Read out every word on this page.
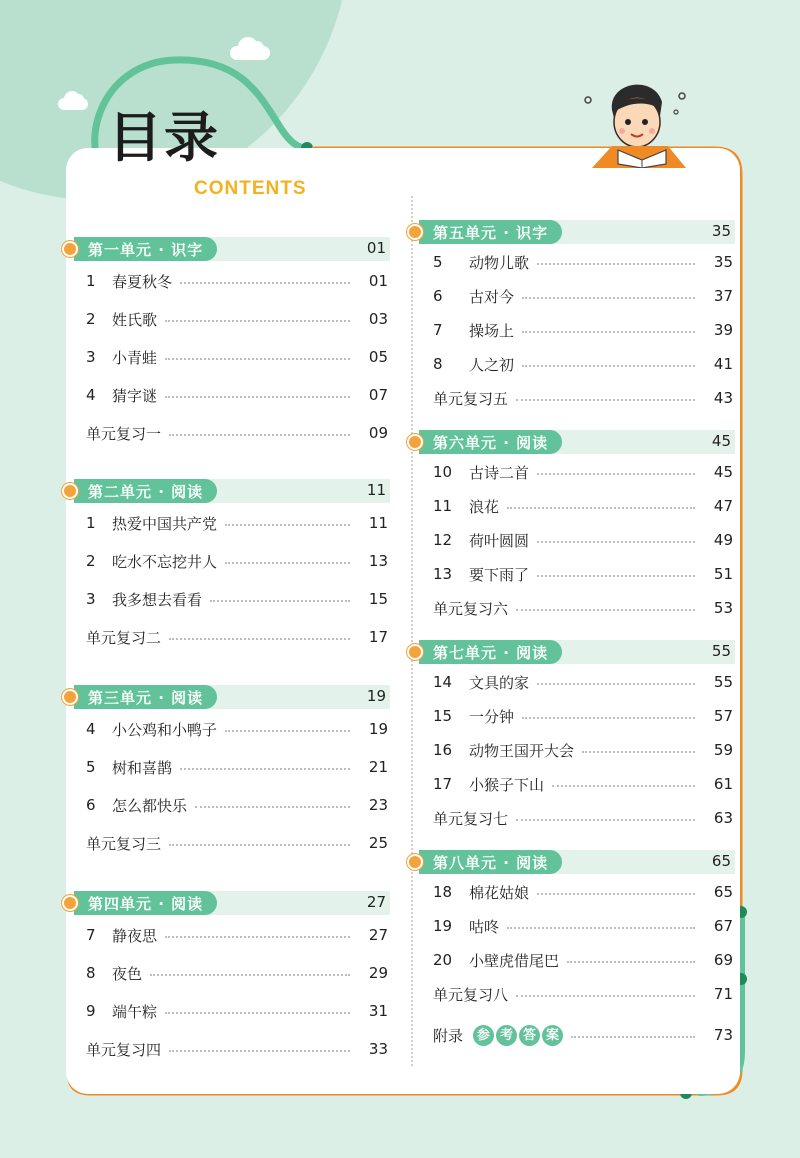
目录
CONTENTS
第一单元 · 识字	01
1	春夏秋冬	01
2	姓氏歌	03
3	小青蛙	05
4	猜字谜	07
单元复习一	09
第二单元 · 阅读	11
1	热爱中国共产党	11
2	吃水不忘挖井人	13
3	我多想去看看	15
单元复习二	17
第三单元 · 阅读	19
4	小公鸡和小鸭子	19
5	树和喜鹊	21
6	怎么都快乐	23
单元复习三	25
第四单元 · 阅读	27
7	静夜思	27
8	夜色	29
9	端午粽	31
单元复习四	33
第五单元 · 识字	35
5	动物儿歌	35
6	古对今	37
7	操场上	39
8	人之初	41
单元复习五	43
第六单元 · 阅读	45
10	古诗二首	45
11	浪花	47
12	荷叶圆圆	49
13	要下雨了	51
单元复习六	53
第七单元 · 阅读	55
14	文具的家	55
15	一分钟	57
16	动物王国开大会	59
17	小猴子下山	61
单元复习七	63
第八单元 · 阅读	65
18	棉花姑娘	65
19	咕咚	67
20	小壁虎借尾巴	69
单元复习八	71
附录	参 考 答 案	73
